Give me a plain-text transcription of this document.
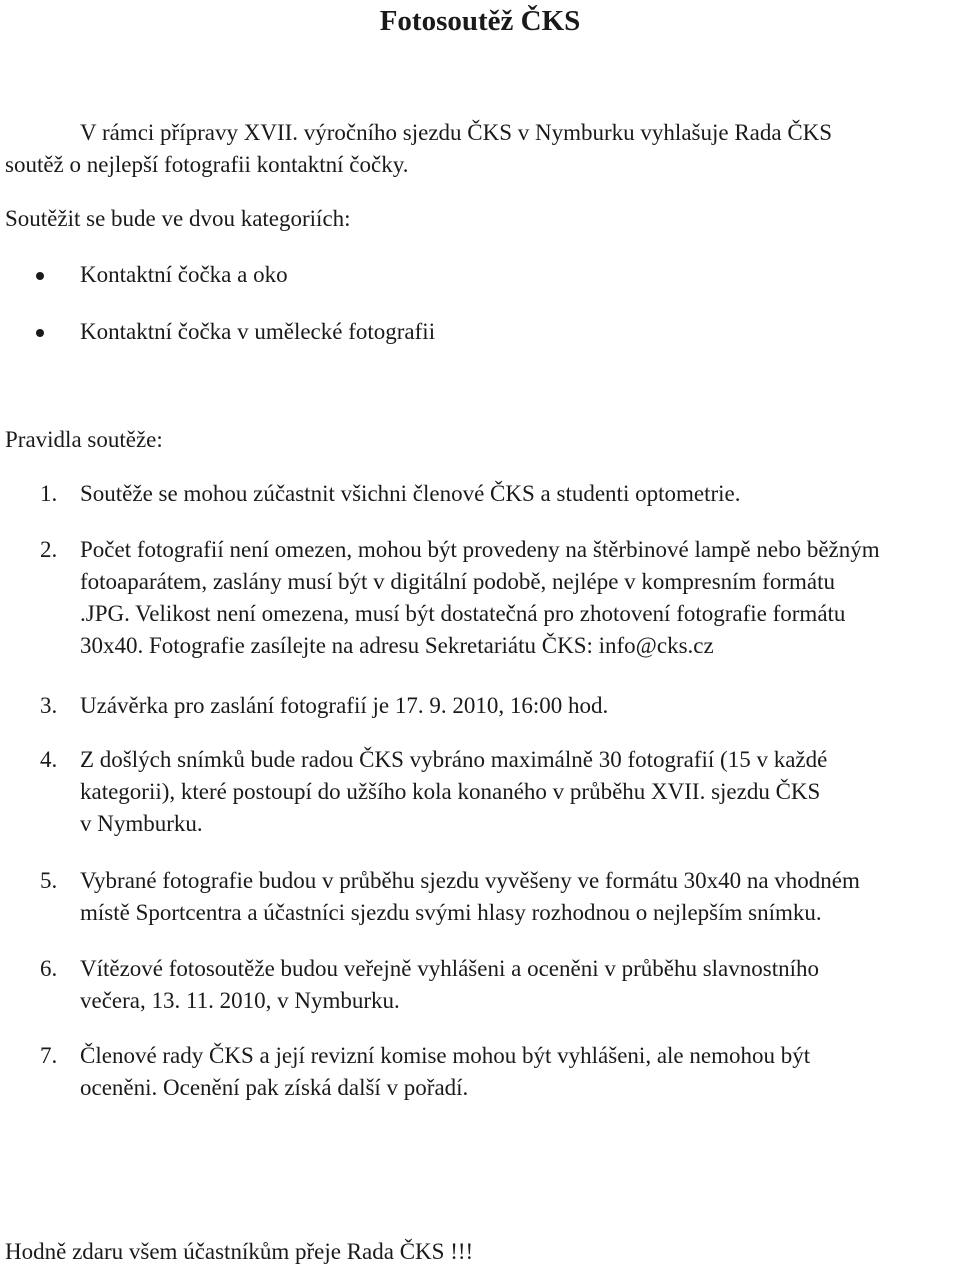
Fotosoutěž ČKS
V rámci přípravy XVII. výročního sjezdu ČKS v Nymburku vyhlašuje Rada ČKS
soutěž o nejlepší fotografii kontaktní čočky.
Soutěžit se bude ve dvou kategoriích:
Kontaktní čočka a oko
Kontaktní čočka v umělecké fotografii
Pravidla soutěže:
1. Soutěže se mohou zúčastnit všichni členové ČKS a studenti optometrie.
2. Počet fotografií není omezen, mohou být provedeny na štěrbinové lampě nebo běžným
fotoaparátem, zaslány musí být v digitální podobě, nejlépe v kompresním formátu
.JPG. Velikost není omezena, musí být dostatečná pro zhotovení fotografie formátu
30x40. Fotografie zasílejte na adresu Sekretariátu ČKS: info@cks.cz
3. Uzávěrka pro zaslání fotografií je 17. 9. 2010, 16:00 hod.
4. Z došlých snímků bude radou ČKS vybráno maximálně 30 fotografií (15 v každé
kategorii), které postoupí do užšího kola konaného v průběhu XVII. sjezdu ČKS
v Nymburku.
5. Vybrané fotografie budou v průběhu sjezdu vyvěšeny ve formátu 30x40 na vhodném
místě Sportcentra a účastníci sjezdu svými hlasy rozhodnou o nejlepším snímku.
6. Vítězové fotosoutěže budou veřejně vyhlášeni a oceněni v průběhu slavnostního
večera, 13. 11. 2010, v Nymburku.
7. Členové rady ČKS a její revizní komise mohou být vyhlášeni, ale nemohou být
oceněni. Ocenění pak získá další v pořadí.
Hodně zdaru všem účastníkům přeje Rada ČKS !!!
